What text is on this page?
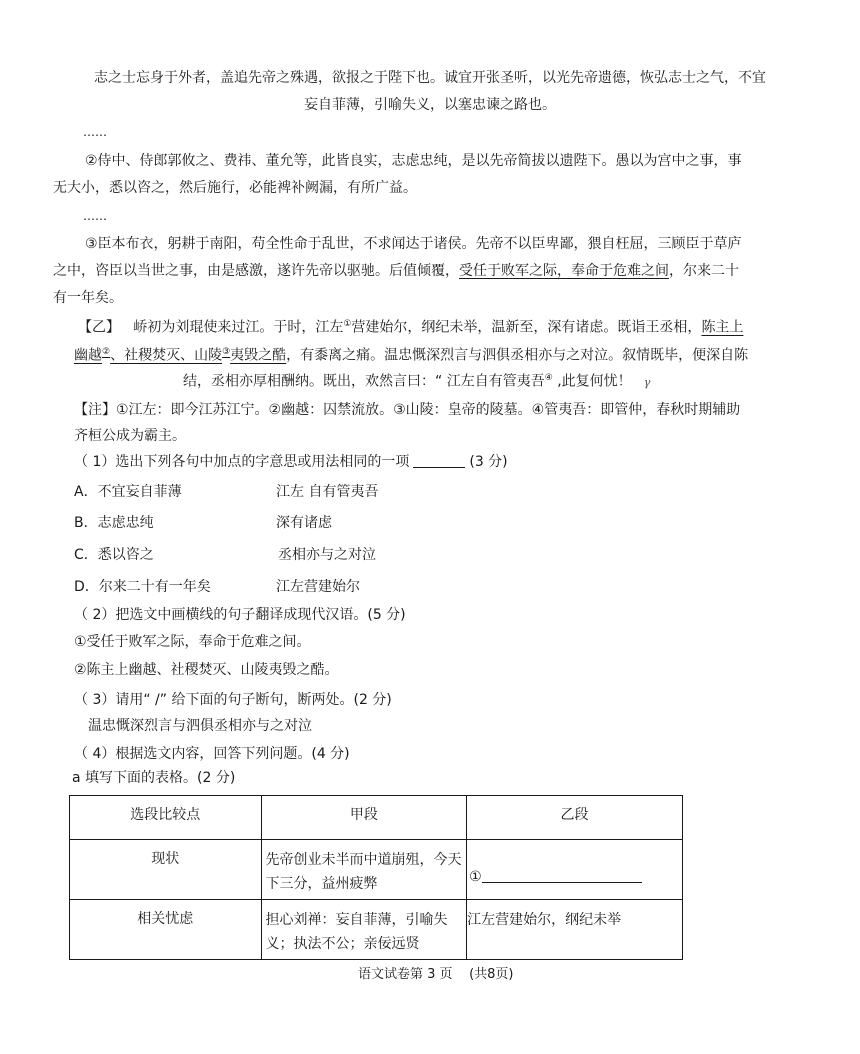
志之士忘身于外者，盖追先帝之殊遇，欲报之于陛下也。诚宜开张圣听，以光先帝遗德，恢弘志士之气，不宜
妄自菲薄，引喻失义，以塞忠谏之路也。
……
②侍中、侍郎郭攸之、费祎、董允等，此皆良实，志虑忠纯，是以先帝简拔以遗陛下。愚以为宫中之事，事
无大小，悉以咨之，然后施行，必能裨补阙漏，有所广益。
……
③臣本布衣，躬耕于南阳，苟全性命于乱世，不求闻达于诸侯。先帝不以臣卑鄙，猥自枉屈，三顾臣于草庐
之中，咨臣以当世之事，由是感激，遂许先帝以驱驰。后值倾覆，受任于败军之际，奉命于危难之间，尔来二十
有一年矣。
【乙】 峤初为刘琨使来过江。于时，江左①营建始尔，纲纪未举，温新至，深有诸虑。既诣王丞相，陈主上
幽越②、社稷焚灭、山陵③夷毁之酷，有黍离之痛。温忠慨深烈言与泗俱丞相亦与之对泣。叙情既毕，便深自陈
结，丞相亦厚相酬纳。既出，欢然言曰：“ 江左自有管夷吾④ ,此复何忧！ γ
【注】①江左：即今江苏江宁。②幽越：囚禁流放。③山陵：皇帝的陵墓。④管夷吾：即管仲，春秋时期辅助
齐桓公成为霸主。
（ 1）选出下列各句中加点的字意思或用法相同的一项	(3 分)
A．不宜妄自菲薄	江左 自有管夷吾
B．志虑忠纯	深有诸虑
C．悉以咨之	丞相亦与之对泣
D．尔来二十有一年矣	江左营建始尔
（ 2）把选文中画横线的句子翻译成现代汉语。(5 分)
①受任于败军之际，奉命于危难之间。
②陈主上幽越、社稷焚灭、山陵夷毁之酷。
（ 3）请用“ /” 给下面的句子断句，断两处。(2 分)
温忠慨深烈言与泗俱丞相亦与之对泣
（ 4）根据选文内容，回答下列问题。(4 分)
a 填写下面的表格。(2 分)
选段比较点	甲段	乙段
现状	先帝创业未半而中道崩殂，今天下三分，益州疲弊	①
相关忧虑	担心刘禅：妄自菲薄，引喻失义；执法不公；亲佞远贤	江左营建始尔，纲纪未举
语文试卷第 3 页 (共8页)
